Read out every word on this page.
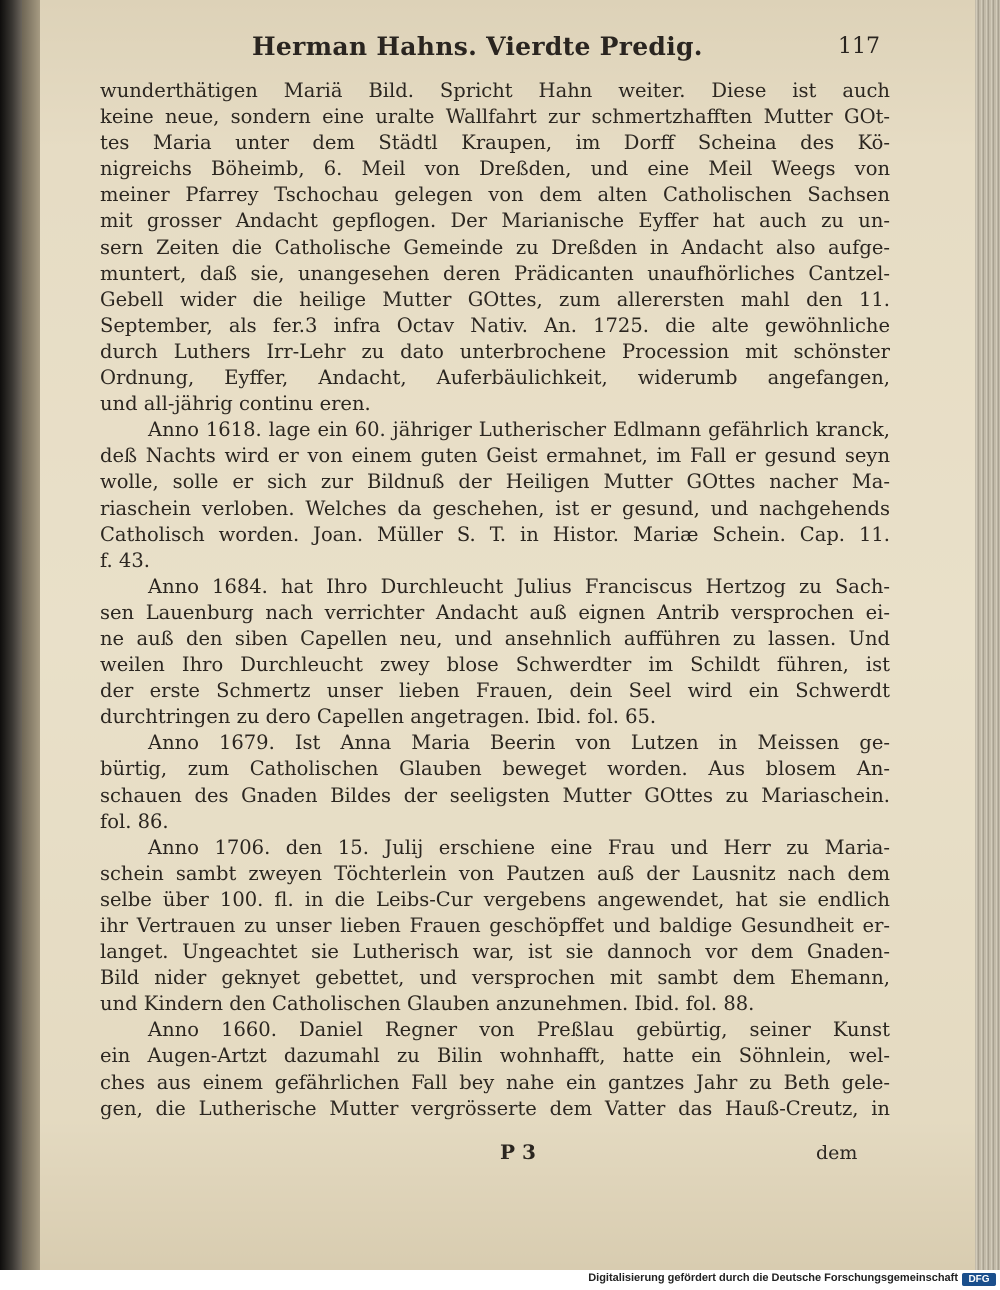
Herman Hahns. Vierdte Predig.	117
wunderthätigen Mariä Bild. Spricht Hahn weiter. Diese ist auch
keine neue, sondern eine uralte Wallfahrt zur schmertzhafften Mutter GOt-
tes Maria unter dem Städtl Kraupen, im Dorff Scheina des Kö-
nigreichs Böheimb, 6. Meil von Dreßden, und eine Meil Weegs von
meiner Pfarrey Tschochau gelegen von dem alten Catholischen Sachsen
mit grosser Andacht gepflogen. Der Marianische Eyffer hat auch zu un-
sern Zeiten die Catholische Gemeinde zu Dreßden in Andacht also aufge-
muntert, daß sie, unangesehen deren Prädicanten unaufhörliches Cantzel-
Gebell wider die heilige Mutter GOttes, zum allerersten mahl den 11.
September, als fer.3 infra Octav Nativ. An. 1725. die alte gewöhnliche
durch Luthers Irr-Lehr zu dato unterbrochene Procession mit schönster
Ordnung, Eyffer, Andacht, Auferbäulichkeit, widerumb angefangen,
und all-jährig continu eren.
Anno 1618. lage ein 60. jähriger Lutherischer Edlmann gefährlich kranck,
deß Nachts wird er von einem guten Geist ermahnet, im Fall er gesund seyn
wolle, solle er sich zur Bildnuß der Heiligen Mutter GOttes nacher Ma-
riaschein verloben. Welches da geschehen, ist er gesund, und nachgehends
Catholisch worden. Joan. Müller S. T. in Histor. Mariæ Schein. Cap. 11.
f. 43.
Anno 1684. hat Ihro Durchleucht Julius Franciscus Hertzog zu Sach-
sen Lauenburg nach verrichter Andacht auß eignen Antrib versprochen ei-
ne auß den siben Capellen neu, und ansehnlich aufführen zu lassen. Und
weilen Ihro Durchleucht zwey blose Schwerdter im Schildt führen, ist
der erste Schmertz unser lieben Frauen, dein Seel wird ein Schwerdt
durchtringen zu dero Capellen angetragen. Ibid. fol. 65.
Anno 1679. Ist Anna Maria Beerin von Lutzen in Meissen ge-
bürtig, zum Catholischen Glauben beweget worden. Aus blosem An-
schauen des Gnaden Bildes der seeligsten Mutter GOttes zu Mariaschein.
fol. 86.
Anno 1706. den 15. Julij erschiene eine Frau und Herr zu Maria-
schein sambt zweyen Töchterlein von Pautzen auß der Lausnitz nach dem
selbe über 100. fl. in die Leibs-Cur vergebens angewendet, hat sie endlich
ihr Vertrauen zu unser lieben Frauen geschöpffet und baldige Gesundheit er-
langet. Ungeachtet sie Lutherisch war, ist sie dannoch vor dem Gnaden-
Bild nider geknyet gebettet, und versprochen mit sambt dem Ehemann,
und Kindern den Catholischen Glauben anzunehmen. Ibid. fol. 88.
Anno 1660. Daniel Regner von Preßlau gebürtig, seiner Kunst
ein Augen-Artzt dazumahl zu Bilin wohnhafft, hatte ein Söhnlein, wel-
ches aus einem gefährlichen Fall bey nahe ein gantzes Jahr zu Beth gele-
gen, die Lutherische Mutter vergrösserte dem Vatter das Hauß-Creutz, in
P 3	dem
Digitalisierung gefördert durch die Deutsche Forschungsgemeinschaft	DFG
